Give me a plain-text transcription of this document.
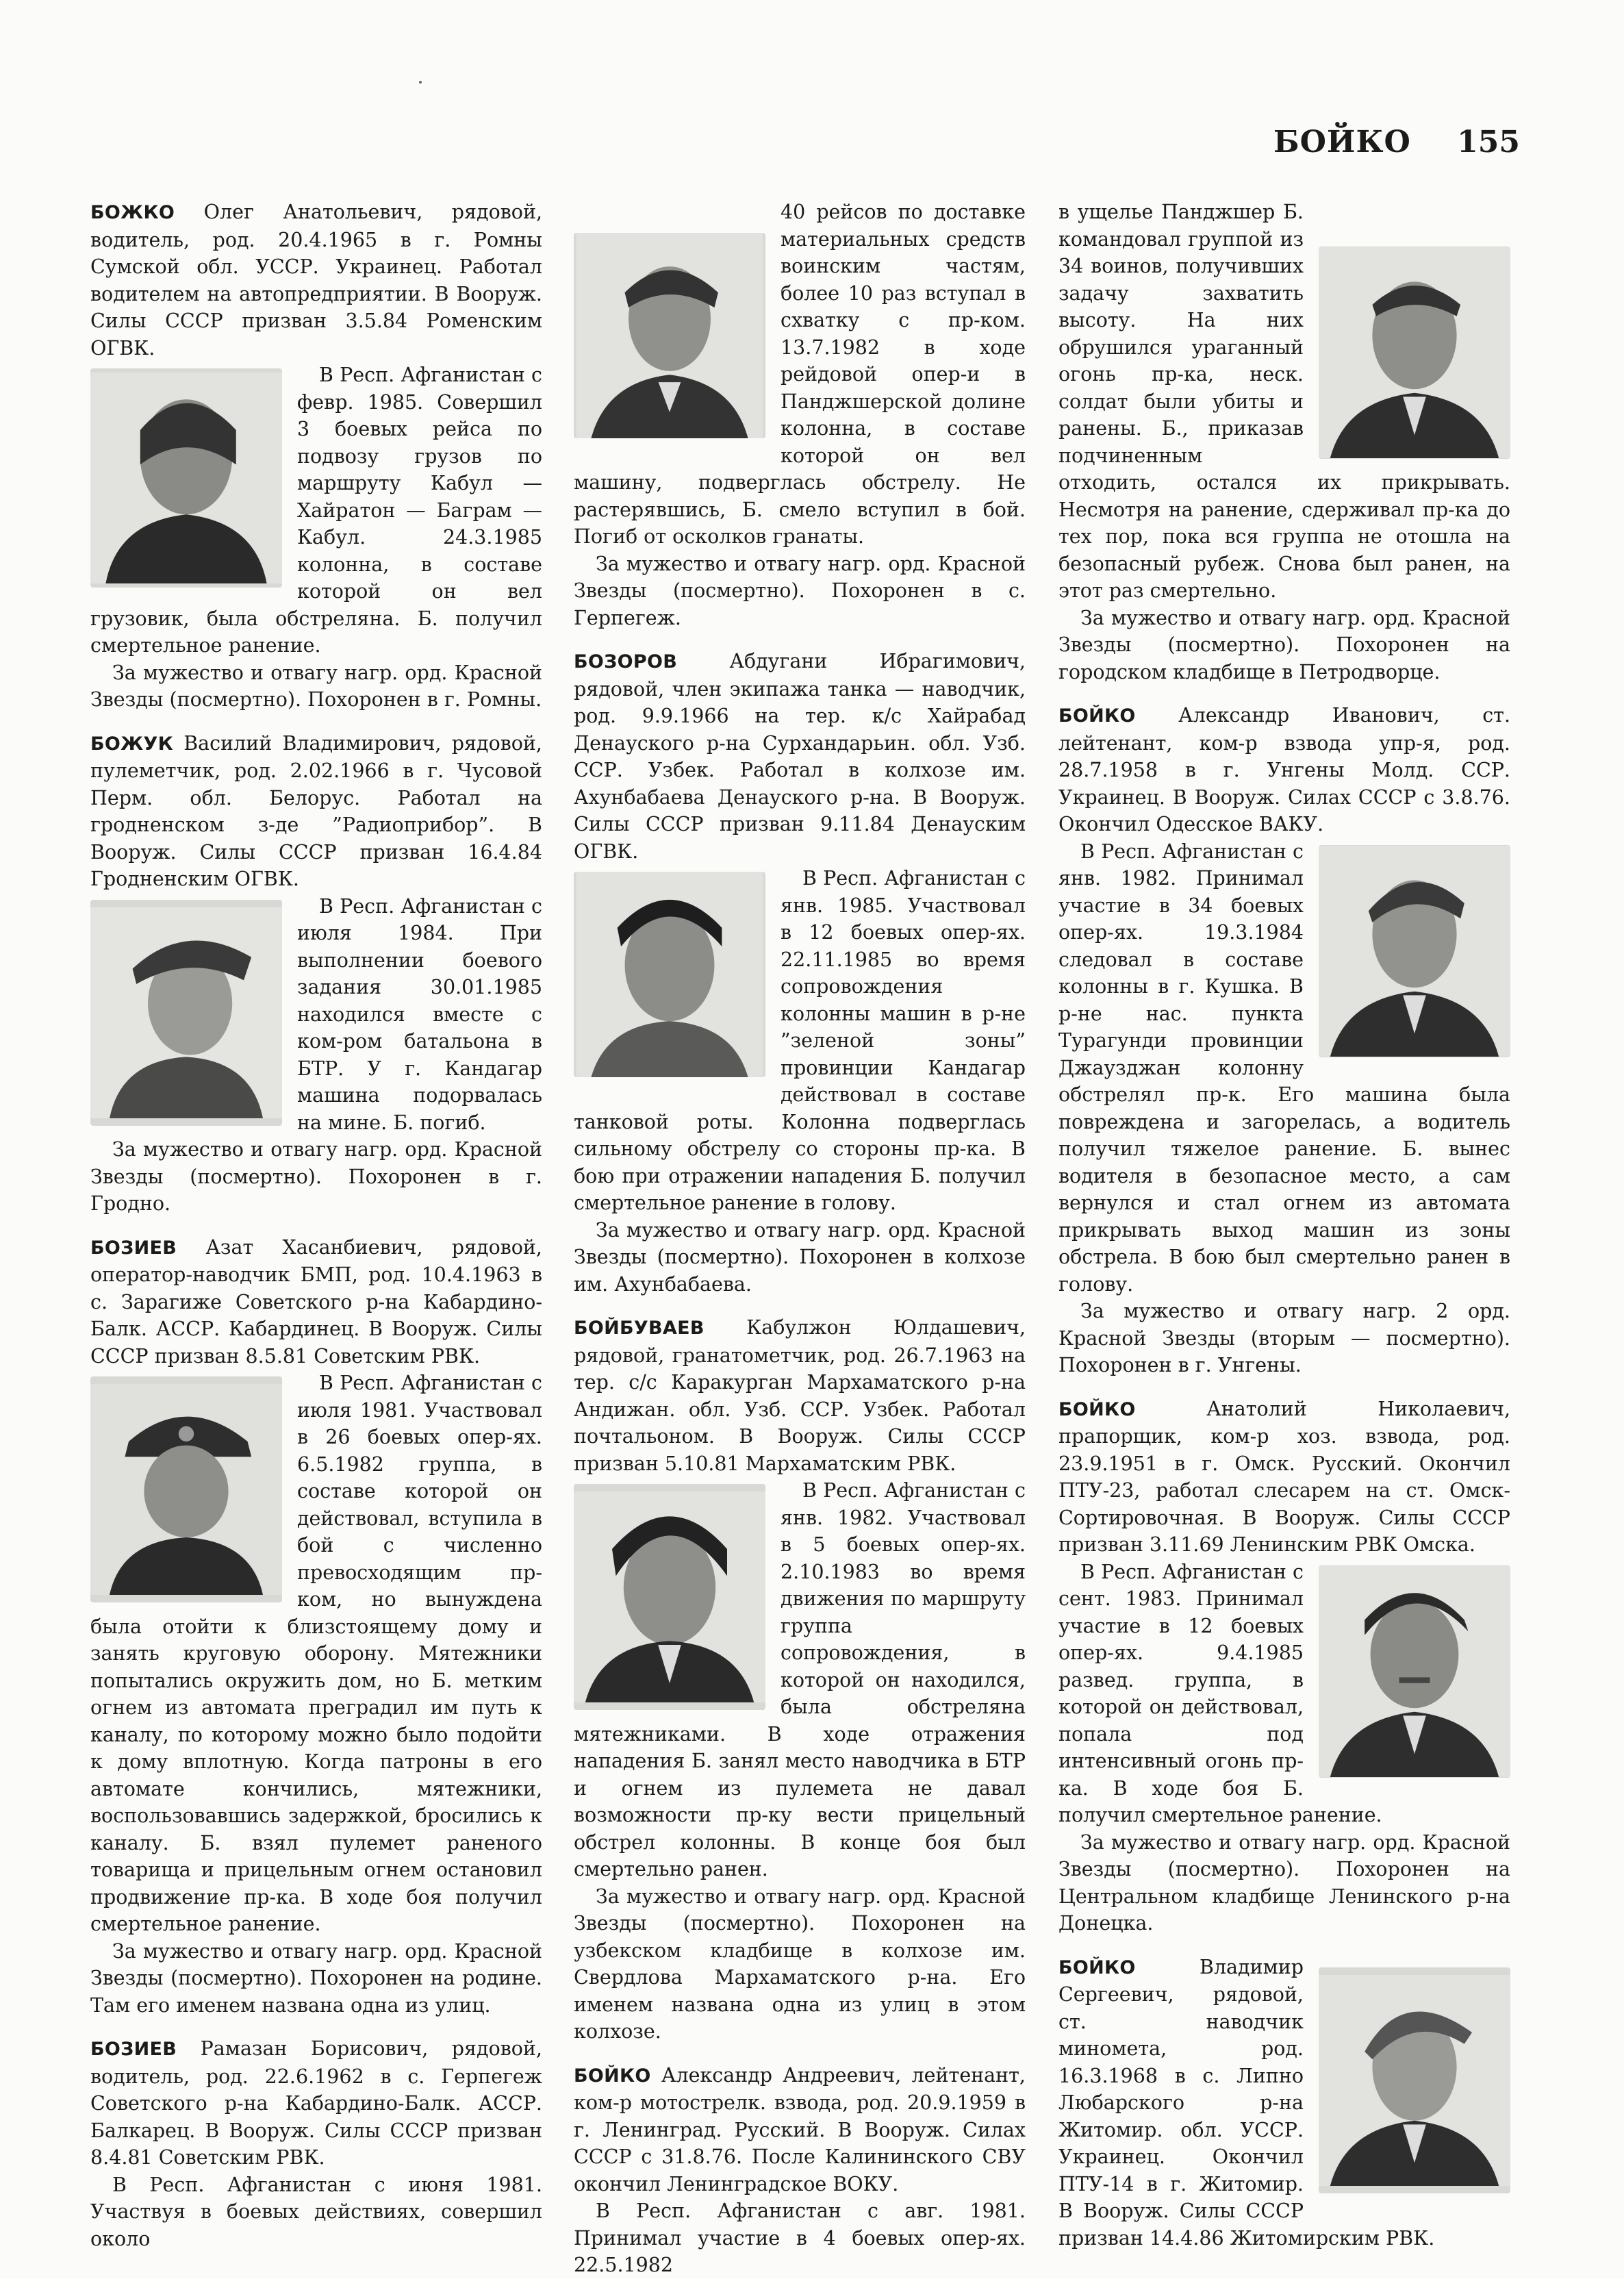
БОЙКО 155

БОЖКО Олег Анатольевич, рядовой, водитель, род. 20.4.1965 в г. Ромны Сумской обл. УССР. Украинец. Работал водителем на автопредприятии. В Вооруж. Силы СССР призван 3.5.84 Роменским ОГВК.

В Респ. Афганистан с февр. 1985. Совершил 3 боевых рейса по подвозу грузов по маршруту Кабул — Хайратон — Баграм — Кабул. 24.3.1985 колонна, в составе которой он вел грузовик, была обстреляна. Б. получил смертельное ранение.

За мужество и отвагу нагр. орд. Красной Звезды (посмертно). Похоронен в г. Ромны.

БОЖУК Василий Владимирович, рядовой, пулеметчик, род. 2.02.1966 в г. Чусовой Перм. обл. Белорус. Работал на гродненском з-де ”Радиоприбор”. В Вооруж. Силы СССР призван 16.4.84 Гродненским ОГВК.

В Респ. Афганистан с июля 1984. При выполнении боевого задания 30.01.1985 находился вместе с ком-ром батальона в БТР. У г. Кандагар машина подорвалась на мине. Б. погиб.

За мужество и отвагу нагр. орд. Красной Звезды (посмертно). Похоронен в г. Гродно.

БОЗИЕВ Азат Хасанбиевич, рядовой, оператор-наводчик БМП, род. 10.4.1963 в с. Зарагиже Советского р-на Кабардино-Балк. АССР. Кабардинец. В Вооруж. Силы СССР призван 8.5.81 Советским РВК.

В Респ. Афганистан с июля 1981. Участвовал в 26 боевых опер-ях. 6.5.1982 группа, в составе которой он действовал, вступила в бой с численно превосходящим пр-ком, но вынуждена была отойти к близстоящему дому и занять круговую оборону. Мятежники попытались окружить дом, но Б. метким огнем из автомата преградил им путь к каналу, по которому можно было подойти к дому вплотную. Когда патроны в его автомате кончились, мятежники, воспользовавшись задержкой, бросились к каналу. Б. взял пулемет раненого товарища и прицельным огнем остановил продвижение пр-ка. В ходе боя получил смертельное ранение.

За мужество и отвагу нагр. орд. Красной Звезды (посмертно). Похоронен на родине. Там его именем названа одна из улиц.

БОЗИЕВ Рамазан Борисович, рядовой, водитель, род. 22.6.1962 в с. Герпегеж Советского р-на Кабардино-Балк. АССР. Балкарец. В Вооруж. Силы СССР призван 8.4.81 Советским РВК.

В Респ. Афганистан с июня 1981. Участвуя в боевых действиях, совершил около

40 рейсов по доставке материальных средств воинским частям, более 10 раз вступал в схватку с пр-ком. 13.7.1982 в ходе рейдовой опер-и в Панджшерской долине колонна, в составе которой он вел машину, подверглась обстрелу. Не растерявшись, Б. смело вступил в бой. Погиб от осколков гранаты.

За мужество и отвагу нагр. орд. Красной Звезды (посмертно). Похоронен в с. Герпегеж.

БОЗОРОВ Абдугани Ибрагимович, рядовой, член экипажа танка — наводчик, род. 9.9.1966 на тер. к/с Хайрабад Денауского р-на Сурхандарьин. обл. Узб. ССР. Узбек. Работал в колхозе им. Ахунбабаева Денауского р-на. В Вооруж. Силы СССР призван 9.11.84 Денауским ОГВК.

В Респ. Афганистан с янв. 1985. Участвовал в 12 боевых опер-ях. 22.11.1985 во время сопровождения колонны машин в р-не ”зеленой зоны” провинции Кандагар действовал в составе танковой роты. Колонна подверглась сильному обстрелу со стороны пр-ка. В бою при отражении нападения Б. получил смертельное ранение в голову.

За мужество и отвагу нагр. орд. Красной Звезды (посмертно). Похоронен в колхозе им. Ахунбабаева.

БОЙБУВАЕВ Кабулжон Юлдашевич, рядовой, гранатометчик, род. 26.7.1963 на тер. с/с Каракурган Мархаматского р-на Андижан. обл. Узб. ССР. Узбек. Работал почтальоном. В Вооруж. Силы СССР призван 5.10.81 Мархаматским РВК.

В Респ. Афганистан с янв. 1982. Участвовал в 5 боевых опер-ях. 2.10.1983 во время движения по маршруту группа сопровождения, в которой он находился, была обстреляна мятежниками. В ходе отражения нападения Б. занял место наводчика в БТР и огнем из пулемета не давал возможности пр-ку вести прицельный обстрел колонны. В конце боя был смертельно ранен.

За мужество и отвагу нагр. орд. Красной Звезды (посмертно). Похоронен на узбекском кладбище в колхозе им. Свердлова Мархаматского р-на. Его именем названа одна из улиц в этом колхозе.

БОЙКО Александр Андреевич, лейтенант, ком-р мотострелк. взвода, род. 20.9.1959 в г. Ленинград. Русский. В Вооруж. Силах СССР с 31.8.76. После Калининского СВУ окончил Ленинградское ВОКУ.

В Респ. Афганистан с авг. 1981. Принимал участие в 4 боевых опер-ях. 22.5.1982

в ущелье Панджшер Б. командовал группой из 34 воинов, получивших задачу захватить высоту. На них обрушился ураганный огонь пр-ка, неск. солдат были убиты и ранены. Б., приказав подчиненным отходить, остался их прикрывать. Несмотря на ранение, сдерживал пр-ка до тех пор, пока вся группа не отошла на безопасный рубеж. Снова был ранен, на этот раз смертельно.

За мужество и отвагу нагр. орд. Красной Звезды (посмертно). Похоронен на городском кладбище в Петродворце.

БОЙКО Александр Иванович, ст. лейтенант, ком-р взвода упр-я, род. 28.7.1958 в г. Унгены Молд. ССР. Украинец. В Вооруж. Силах СССР с 3.8.76. Окончил Одесское ВАКУ.

В Респ. Афганистан с янв. 1982. Принимал участие в 34 боевых опер-ях. 19.3.1984 следовал в составе колонны в г. Кушка. В р-не нас. пункта Турагунди провинции Джаузджан колонну обстрелял пр-к. Его машина была повреждена и загорелась, а водитель получил тяжелое ранение. Б. вынес водителя в безопасное место, а сам вернулся и стал огнем из автомата прикрывать выход машин из зоны обстрела. В бою был смертельно ранен в голову.

За мужество и отвагу нагр. 2 орд. Красной Звезды (вторым — посмертно). Похоронен в г. Унгены.

БОЙКО Анатолий Николаевич, прапорщик, ком-р хоз. взвода, род. 23.9.1951 в г. Омск. Русский. Окончил ПТУ-23, работал слесарем на ст. Омск-Сортировочная. В Вооруж. Силы СССР призван 3.11.69 Ленинским РВК Омска.

В Респ. Афганистан с сент. 1983. Принимал участие в 12 боевых опер-ях. 9.4.1985 развед. группа, в которой он действовал, попала под интенсивный огонь пр-ка. В ходе боя Б. получил смертельное ранение.

За мужество и отвагу нагр. орд. Красной Звезды (посмертно). Похоронен на Центральном кладбище Ленинского р-на Донецка.

БОЙКО Владимир Сергеевич, рядовой, ст. наводчик миномета, род. 16.3.1968 в с. Липно Любарского р-на Житомир. обл. УССР. Украинец. Окончил ПТУ-14 в г. Житомир. В Вооруж. Силы СССР призван 14.4.86 Житомирским РВК.
